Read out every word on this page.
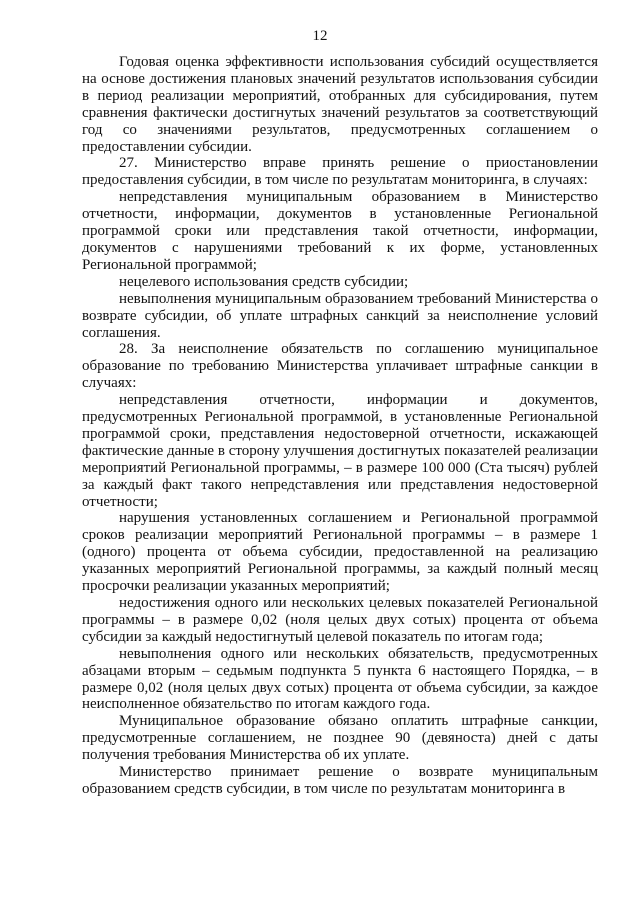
12

Годовая оценка эффективности использования субсидий осуществляется на основе достижения плановых значений результатов использования субсидии в период реализации мероприятий, отобранных для субсидирования, путем сравнения фактически достигнутых значений результатов за соответствующий год со значениями результатов, предусмотренных соглашением о предоставлении субсидии.

27. Министерство вправе принять решение о приостановлении предоставления субсидии, в том числе по результатам мониторинга, в случаях:

непредставления муниципальным образованием в Министерство отчетности, информации, документов в установленные Региональной программой сроки или представления такой отчетности, информации, документов с нарушениями требований к их форме, установленных Региональной программой;

нецелевого использования средств субсидии;

невыполнения муниципальным образованием требований Министерства о возврате субсидии, об уплате штрафных санкций за неисполнение условий соглашения.

28. За неисполнение обязательств по соглашению муниципальное образование по требованию Министерства уплачивает штрафные санкции в случаях:

непредставления отчетности, информации и документов, предусмотренных Региональной программой, в установленные Региональной программой сроки, представления недостоверной отчетности, искажающей фактические данные в сторону улучшения достигнутых показателей реализации мероприятий Региональной программы, – в размере 100 000 (Ста тысяч) рублей за каждый факт такого непредставления или представления недостоверной отчетности;

нарушения установленных соглашением и Региональной программой сроков реализации мероприятий Региональной программы – в размере 1 (одного) процента от объема субсидии, предоставленной на реализацию указанных мероприятий Региональной программы, за каждый полный месяц просрочки реализации указанных мероприятий;

недостижения одного или нескольких целевых показателей Региональной программы – в размере 0,02 (ноля целых двух сотых) процента от объема субсидии за каждый недостигнутый целевой показатель по итогам года;

невыполнения одного или нескольких обязательств, предусмотренных абзацами вторым – седьмым подпункта 5 пункта 6 настоящего Порядка, – в размере 0,02 (ноля целых двух сотых) процента от объема субсидии, за каждое неисполненное обязательство по итогам каждого года.

Муниципальное образование обязано оплатить штрафные санкции, предусмотренные соглашением, не позднее 90 (девяноста) дней с даты получения требования Министерства об их уплате.

Министерство принимает решение о возврате муниципальным образованием средств субсидии, в том числе по результатам мониторинга в
